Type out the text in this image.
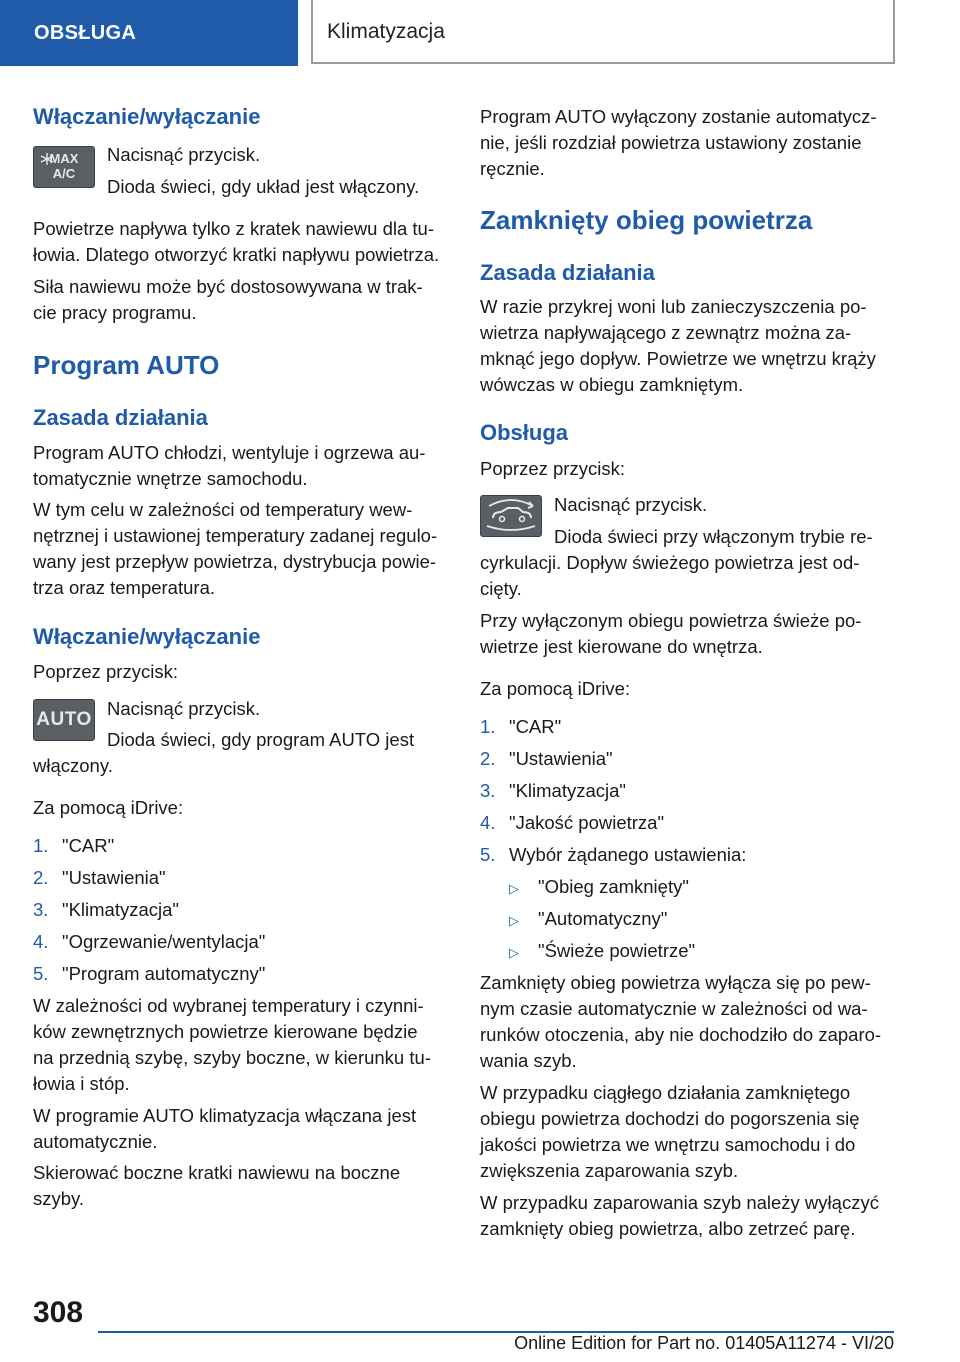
OBSŁUGA	Klimatyzacja
Włączanie/wyłączanie
MAX
A/C
Nacisnąć przycisk.
Dioda świeci, gdy układ jest włączony.
Powietrze napływa tylko z kratek nawiewu dla tu-
łowia. Dlatego otworzyć kratki napływu powietrza.
Siła nawiewu może być dostosowywana w trak-
cie pracy programu.
Program AUTO
Zasada działania
Program AUTO chłodzi, wentyluje i ogrzewa au-
tomatycznie wnętrze samochodu.
W tym celu w zależności od temperatury wew-
nętrznej i ustawionej temperatury zadanej regulo-
wany jest przepływ powietrza, dystrybucja powie-
trza oraz temperatura.
Włączanie/wyłączanie
Poprzez przycisk:
AUTO
Nacisnąć przycisk.
Dioda świeci, gdy program AUTO jest
włączony.
Za pomocą iDrive:
1. "CAR"
2. "Ustawienia"
3. "Klimatyzacja"
4. "Ogrzewanie/wentylacja"
5. "Program automatyczny"
W zależności od wybranej temperatury i czynni-
ków zewnętrznych powietrze kierowane będzie
na przednią szybę, szyby boczne, w kierunku tu-
łowia i stóp.
W programie AUTO klimatyzacja włączana jest
automatycznie.
Skierować boczne kratki nawiewu na boczne
szyby.
Program AUTO wyłączony zostanie automatycz-
nie, jeśli rozdział powietrza ustawiony zostanie
ręcznie.
Zamknięty obieg powietrza
Zasada działania
W razie przykrej woni lub zanieczyszczenia po-
wietrza napływającego z zewnątrz można za-
mknąć jego dopływ. Powietrze we wnętrzu krąży
wówczas w obiegu zamkniętym.
Obsługa
Poprzez przycisk:
Nacisnąć przycisk.
Dioda świeci przy włączonym trybie re-
cyrkulacji. Dopływ świeżego powietrza jest od-
cięty.
Przy wyłączonym obiegu powietrza świeże po-
wietrze jest kierowane do wnętrza.
Za pomocą iDrive:
1. "CAR"
2. "Ustawienia"
3. "Klimatyzacja"
4. "Jakość powietrza"
5. Wybór żądanego ustawienia:
▷ "Obieg zamknięty"
▷ "Automatyczny"
▷ "Świeże powietrze"
Zamknięty obieg powietrza wyłącza się po pew-
nym czasie automatycznie w zależności od wa-
runków otoczenia, aby nie dochodziło do zaparo-
wania szyb.
W przypadku ciągłego działania zamkniętego
obiegu powietrza dochodzi do pogorszenia się
jakości powietrza we wnętrzu samochodu i do
zwiększenia zaparowania szyb.
W przypadku zaparowania szyb należy wyłączyć
zamknięty obieg powietrza, albo zetrzeć parę.
308
Online Edition for Part no. 01405A11274 - VI/20
